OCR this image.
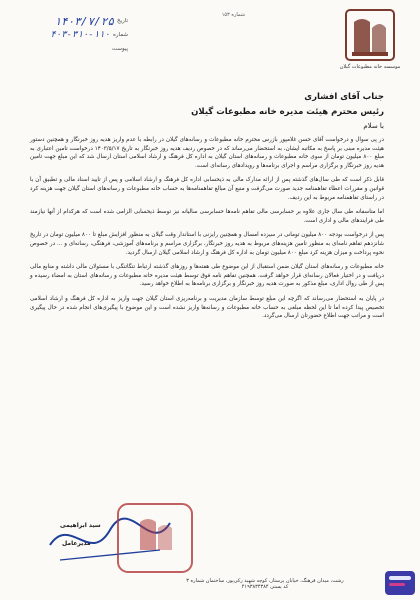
موسسه خانه مطبوعات گیلان
شماره ۱۵۳
تاریخ
۱۴۰۳/۷/۲۵
شماره
۴۰۳-۳۱۰-۱۱۰
پیوست
جناب آقای افشاری
رئیس محترم هیئت مدیره خانه مطبوعات گیلان
با سلام

در پی سوال و درخواست آقای حسن غلامپور بازرس محترم خانه مطبوعات و رسانه‌های گیلان در رابطه با عدم واریز هدیه روز خبرنگار و همچنین دستور هیئت مدیره مبنی بر پاسخ به مکاتبه ایشان، به استحضار می‌رساند که در خصوص ردیف هدیه روز خبرنگار به تاریخ ۱۴۰۳/۵/۱۷ درخواست تامین اعتباری به مبلغ ۸۰۰ میلیون تومان از سوی خانه مطبوعات و رسانه‌های استان گیلان به اداره کل فرهنگ و ارشاد اسلامی استان ارسال شد که این مبلغ جهت تامین هدیه روز خبرنگار و برگزاری مراسم و اجرای برنامه‌ها و رویدادهای رسانه‌ای است.

قابل ذکر است که طی سال‌های گذشته پس از ارائه مدارک مالی به ذیحسابی اداره کل فرهنگ و ارشاد اسلامی و پس از تایید اسناد مالی و تطبیق آن با قوانین و مقررات اعطاء تفاهمنامه جدید صورت می‌گرفت و منبع آن مبالغ تفاهمنامه‌ها به حساب خانه مطبوعات و رسانه‌های استان گیلان جهت هزینه کرد در راستای تفاهمنامه مربوط به این ردیف.

اما متاسفانه طی سال جاری علاوه بر حسابرسی مالی تفاهم نامه‌ها حسابرسی سالیانه نیز توسط ذیحسابی الزامی شده است که هرکدام از آنها نیازمند طی فرایندهای مالی و اداری است.

پس از درخواست بودجه ۸۰۰ میلیون تومانی در سیزده امسال و همچنین رایزنی با استاندار وقت گیلان به منظور افزایش مبلغ تا ۸۰۰ میلیون تومان در تاریخ شانزدهم تفاهم نامه‌ای به منظور تامین هزینه‌های مربوط به هدیه روز خبرنگار، برگزاری مراسم و برنامه‌های آموزشی، فرهنگی، رسانه‌ای و ... در خصوص نحوه پرداخت و میزان هزینه کرد مبلغ ۸۰۰ میلیون تومان به اداره کل فرهنگ و ارشاد اسلامی گیلان ارسال گردید.

خانه مطبوعات و رسانه‌های استان گیلان ضمن استقبال از این موضوع طی هفته‌ها و روزهای گذشته ارتباط تنگاتنگی با مسئولان مالی داشته و منابع مالی دریافت و در اختیار فعالان رسانه‌ای قرار خواهد گرفت. همچنین تفاهم نامه فوق توسط هیئت مدیره خانه مطبوعات و رسانه‌های استان به امضاء رسیده و پس از طی روال اداری، مبلغ مذکور به صورت هدیه روز خبرنگار و برگزاری برنامه‌ها به اطلاع خواهد رسید.

در پایان به استحضار می‌رساند که اگرچه این مبلغ توسط سازمان مدیریت و برنامه‌ریزی استان گیلان جهت واریز به اداره کل فرهنگ و ارشاد اسلامی تخصیص پیدا کرده اما تا این لحظه مبلغی به حساب خانه مطبوعات و رسانه‌ها واریز نشده است و این موضوع با پیگیری‌های انجام شده در حال پیگیری است و مراتب جهت اطلاع حضورتان ارسال می‌گردد.

سید ابراهیمی
مدیرعامل
رشت، میدان فرهنگ، خیابان پرستار، کوچه شهید زکی‌پور، ساختمان شماره ۳
کد پستی ۴۱۹۳۸۳۴۳۸۴
